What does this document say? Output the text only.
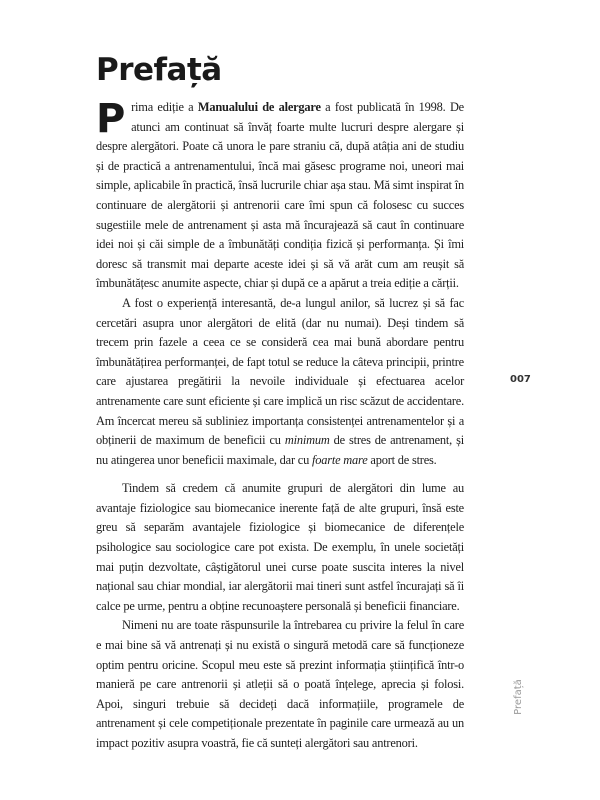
Prefață

Prima ediție a Manualului de alergare a fost publicată în 1998. De atunci am continuat să învăț foarte multe lucruri despre alergare și despre alergători. Poate că unora le pare straniu că, după atâția ani de studiu și de practică a antrenamentului, încă mai găsesc programe noi, uneori mai simple, aplicabile în practică, însă lucrurile chiar așa stau. Mă simt inspirat în continuare de alergătorii și antrenorii care îmi spun că folosesc cu succes sugestiile mele de antrenament și asta mă încurajează să caut în continuare idei noi și căi simple de a îmbunătăți condiția fizică și performanța. Și îmi doresc să transmit mai departe aceste idei și să vă arăt cum am reușit să îmbunătățesc anumite aspecte, chiar și după ce a apărut a treia ediție a cărții.

A fost o experiență interesantă, de-a lungul anilor, să lucrez și să fac cercetări asupra unor alergători de elită (dar nu numai). Deși tindem să trecem prin fazele a ceea ce se consideră cea mai bună abordare pentru îmbunătățirea performanței, de fapt totul se reduce la câteva principii, printre care ajustarea pregătirii la nevoile individuale și efectuarea acelor antrenamente care sunt eficiente și care implică un risc scăzut de accidentare. Am încercat mereu să subliniez importanța consistenței antrenamentelor și a obținerii de maximum de beneficii cu minimum de stres de antrenament, și nu atingerea unor beneficii maximale, dar cu foarte mare aport de stres.

Tindem să credem că anumite grupuri de alergători din lume au avantaje fiziologice sau biomecanice inerente față de alte grupuri, însă este greu să separăm avantajele fiziologice și biomecanice de diferențele psihologice sau sociologice care pot exista. De exemplu, în unele societăți mai puțin dezvoltate, câștigătorul unei curse poate suscita interes la nivel național sau chiar mondial, iar alergătorii mai tineri sunt astfel încurajați să îi calce pe urme, pentru a obține recunoaștere personală și beneficii financiare.

Nimeni nu are toate răspunsurile la întrebarea cu privire la felul în care e mai bine să vă antrenați și nu există o singură metodă care să funcționeze optim pentru oricine. Scopul meu este să prezint informația științifică într-o manieră pe care antrenorii și atleții să o poată înțelege, aprecia și folosi. Apoi, singuri trebuie să decideți dacă informațiile, programele de antrenament și cele competiționale prezentate în paginile care urmează au un impact pozitiv asupra voastră, fie că sunteți alergători sau antrenori.

007
Prefață
